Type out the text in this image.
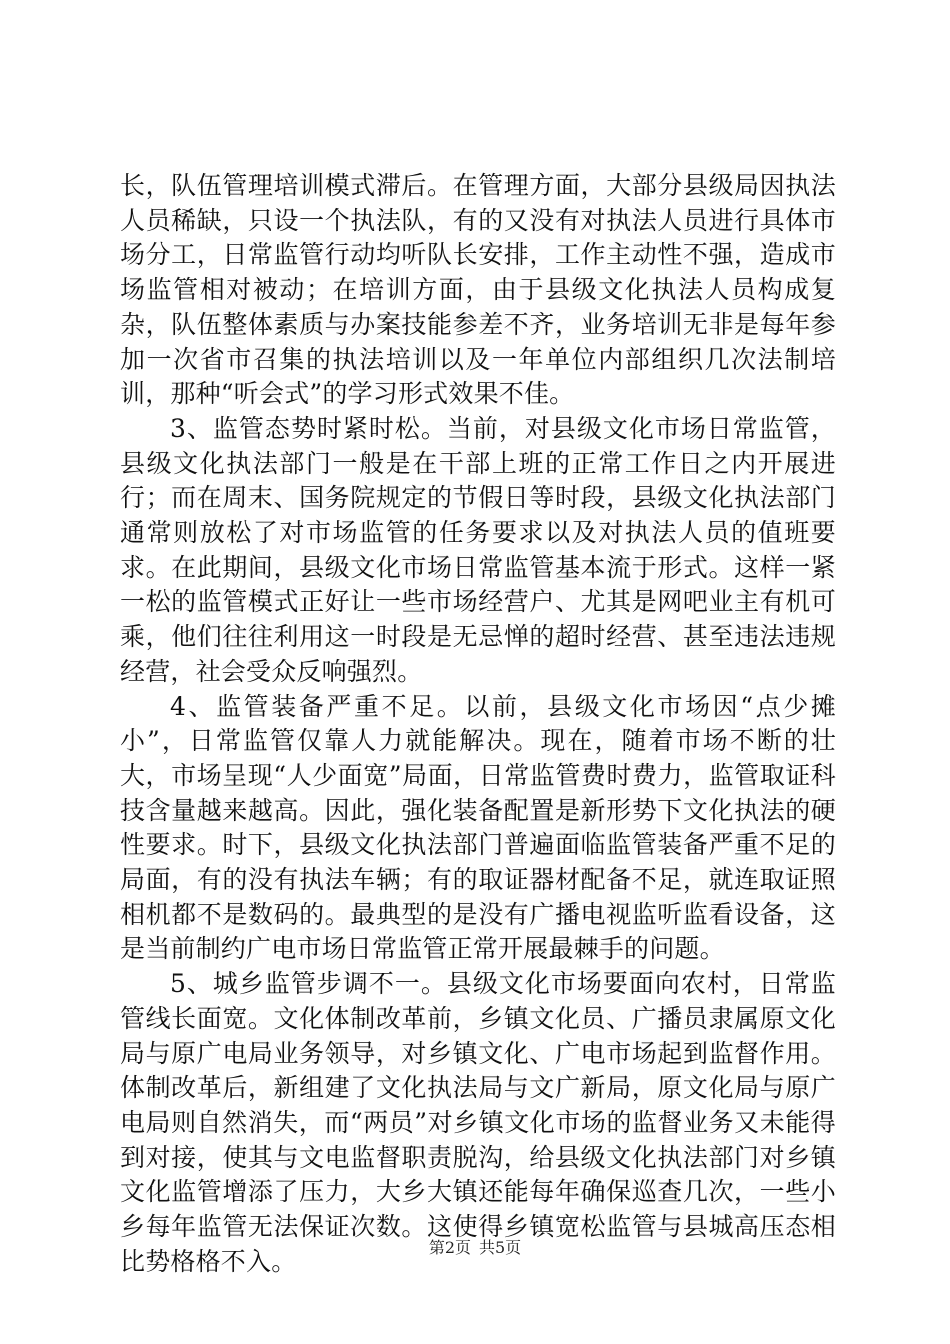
长，队伍管理培训模式滞后。在管理方面，大部分县级局因执法人员稀缺，只设一个执法队，有的又没有对执法人员进行具体市场分工，日常监管行动均听队长安排，工作主动性不强，造成市场监管相对被动；在培训方面，由于县级文化执法人员构成复杂，队伍整体素质与办案技能参差不齐，业务培训无非是每年参加一次省市召集的执法培训以及一年单位内部组织几次法制培训，那种“听会式”的学习形式效果不佳。

3、监管态势时紧时松。当前，对县级文化市场日常监管，县级文化执法部门一般是在干部上班的正常工作日之内开展进行；而在周末、国务院规定的节假日等时段，县级文化执法部门通常则放松了对市场监管的任务要求以及对执法人员的值班要求。在此期间，县级文化市场日常监管基本流于形式。这样一紧一松的监管模式正好让一些市场经营户、尤其是网吧业主有机可乘，他们往往利用这一时段是无忌惮的超时经营、甚至违法违规经营，社会受众反响强烈。

4、监管装备严重不足。以前，县级文化市场因“点少摊小”，日常监管仅靠人力就能解决。现在，随着市场不断的壮大，市场呈现“人少面宽”局面，日常监管费时费力，监管取证科技含量越来越高。因此，强化装备配置是新形势下文化执法的硬性要求。时下，县级文化执法部门普遍面临监管装备严重不足的局面，有的没有执法车辆；有的取证器材配备不足，就连取证照相机都不是数码的。最典型的是没有广播电视监听监看设备，这是当前制约广电市场日常监管正常开展最棘手的问题。

5、城乡监管步调不一。县级文化市场要面向农村，日常监管线长面宽。文化体制改革前，乡镇文化员、广播员隶属原文化局与原广电局业务领导，对乡镇文化、广电市场起到监督作用。体制改革后，新组建了文化执法局与文广新局，原文化局与原广电局则自然消失，而“两员”对乡镇文化市场的监督业务又未能得到对接，使其与文电监督职责脱沟，给县级文化执法部门对乡镇文化监管增添了压力，大乡大镇还能每年确保巡查几次，一些小乡每年监管无法保证次数。这使得乡镇宽松监管与县城高压态相比势格格不入。	第2页 共5页
